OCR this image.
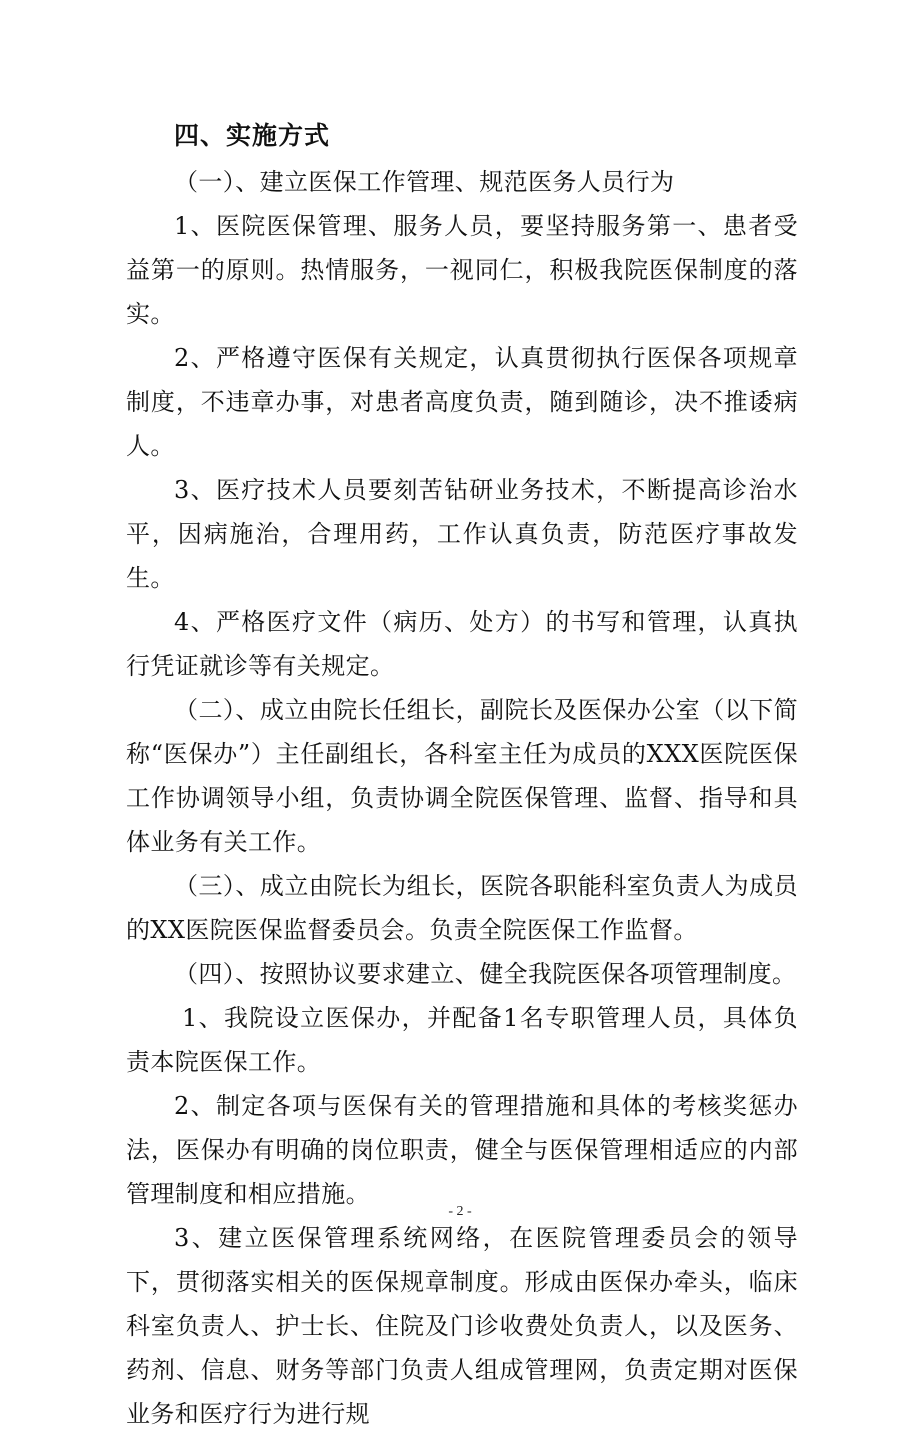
四、实施方式

（一）、建立医保工作管理、规范医务人员行为

1、医院医保管理、服务人员，要坚持服务第一、患者受益第一的原则。热情服务，一视同仁，积极我院医保制度的落实。

2、严格遵守医保有关规定，认真贯彻执行医保各项规章制度，不违章办事，对患者高度负责，随到随诊，决不推诿病人。

3、医疗技术人员要刻苦钻研业务技术，不断提高诊治水平，因病施治，合理用药，工作认真负责，防范医疗事故发生。

4、严格医疗文件（病历、处方）的书写和管理，认真执行凭证就诊等有关规定。

（二）、成立由院长任组长，副院长及医保办公室（以下简称“医保办”）主任副组长，各科室主任为成员的XXX医院医保工作协调领导小组，负责协调全院医保管理、监督、指导和具体业务有关工作。

（三）、成立由院长为组长，医院各职能科室负责人为成员的XX医院医保监督委员会。负责全院医保工作监督。

（四）、按照协议要求建立、健全我院医保各项管理制度。

1、我院设立医保办，并配备1名专职管理人员，具体负责本院医保工作。

2、制定各项与医保有关的管理措施和具体的考核奖惩办法，医保办有明确的岗位职责，健全与医保管理相适应的内部管理制度和相应措施。

3、建立医保管理系统网络，在医院管理委员会的领导下，贯彻落实相关的医保规章制度。形成由医保办牵头，临床科室负责人、护士长、住院及门诊收费处负责人，以及医务、药剂、信息、财务等部门负责人组成管理网，负责定期对医保业务和医疗行为进行规

- 2 -
